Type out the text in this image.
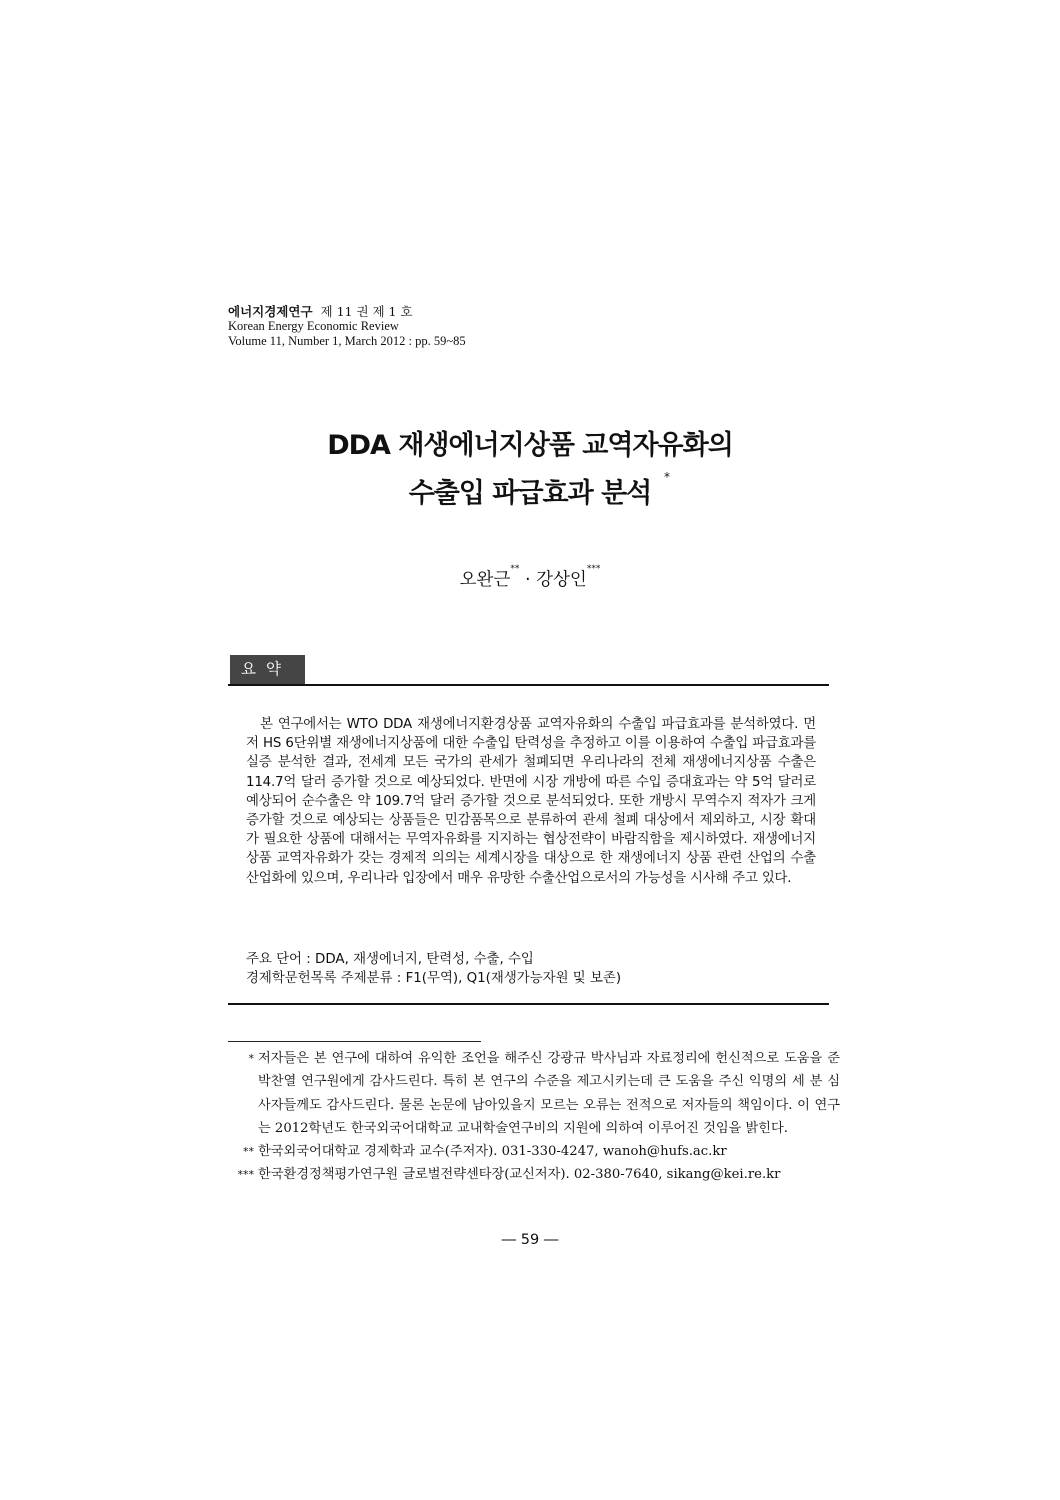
에너지경제연구 제 11 권 제 1 호
Korean Energy Economic Review
Volume 11, Number 1, March 2012 : pp. 59~85
DDA 재생에너지상품 교역자유화의
수출입 파급효과 분석
*
오완근** · 강상인***
요약

본 연구에서는 WTO DDA 재생에너지환경상품 교역자유화의 수출입 파급효과를 분석하였다. 먼저 HS 6단위별 재생에너지상품에 대한 수출입 탄력성을 추정하고 이를 이용하여 수출입 파급효과를 실증 분석한 결과, 전세계 모든 국가의 관세가 철폐되면 우리나라의 전체 재생에너지상품 수출은 114.7억 달러 증가할 것으로 예상되었다. 반면에 시장 개방에 따른 수입 증대효과는 약 5억 달러로 예상되어 순수출은 약 109.7억 달러 증가할 것으로 분석되었다. 또한 개방시 무역수지 적자가 크게 증가할 것으로 예상되는 상품들은 민감품목으로 분류하여 관세 철폐 대상에서 제외하고, 시장 확대가 필요한 상품에 대해서는 무역자유화를 지지하는 협상전략이 바람직함을 제시하였다. 재생에너지상품 교역자유화가 갖는 경제적 의의는 세계시장을 대상으로 한 재생에너지 상품 관련 산업의 수출산업화에 있으며, 우리나라 입장에서 매우 유망한 수출산업으로서의 가능성을 시사해 주고 있다.

주요 단어 : DDA, 재생에너지, 탄력성, 수출, 수입
경제학문헌목록 주제분류 : F1(무역), Q1(재생가능자원 및 보존)

* 저자들은 본 연구에 대하여 유익한 조언을 해주신 강광규 박사님과 자료정리에 헌신적으로 도움을 준 박찬열 연구원에게 감사드린다. 특히 본 연구의 수준을 제고시키는데 큰 도움을 주신 익명의 세 분 심사자들께도 감사드린다. 물론 논문에 남아있을지 모르는 오류는 전적으로 저자들의 책임이다. 이 연구는 2012학년도 한국외국어대학교 교내학술연구비의 지원에 의하여 이루어진 것임을 밝힌다.

** 한국외국어대학교 경제학과 교수(주저자). 031-330-4247, wanoh@hufs.ac.kr

*** 한국환경정책평가연구원 글로벌전략센타장(교신저자). 02-380-7640, sikang@kei.re.kr

― 59 ―
